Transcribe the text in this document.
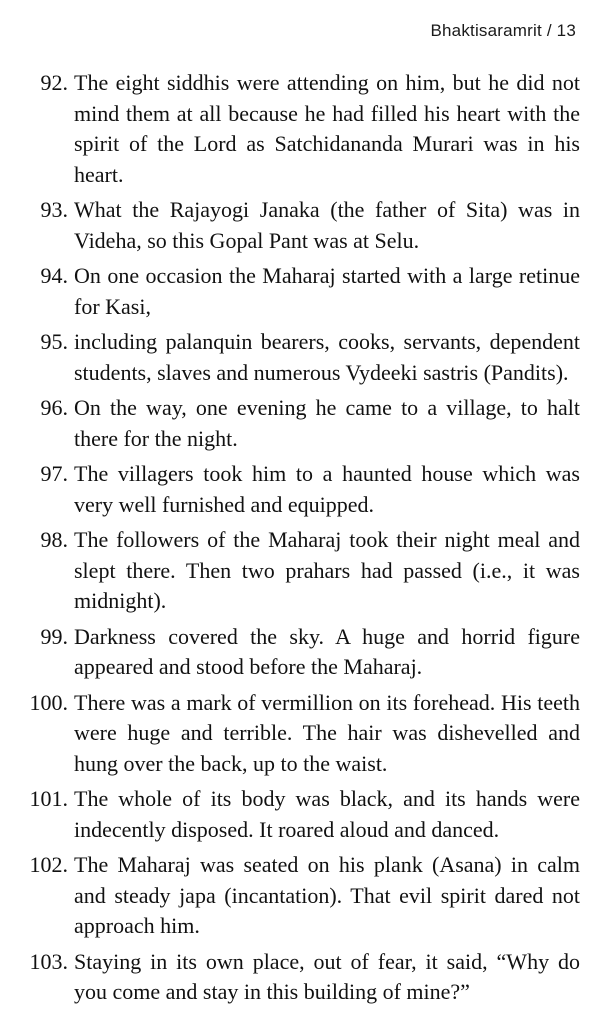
Bhaktisaramrit / 13
92. The eight siddhis were attending on him, but he did not mind them at all because he had filled his heart with the spirit of the Lord as Satchidananda Murari was in his heart.
93. What the Rajayogi Janaka (the father of Sita) was in Videha, so this Gopal Pant was at Selu.
94. On one occasion the Maharaj started with a large retinue for Kasi,
95. including palanquin bearers, cooks, servants, dependent students, slaves and numerous Vydeeki sastris (Pandits).
96. On the way, one evening he came to a village, to halt there for the night.
97. The villagers took him to a haunted house which was very well furnished and equipped.
98. The followers of the Maharaj took their night meal and slept there. Then two prahars had passed (i.e., it was midnight).
99. Darkness covered the sky. A huge and horrid figure appeared and stood before the Maharaj.
100. There was a mark of vermillion on its forehead. His teeth were huge and terrible. The hair was dishevelled and hung over the back, up to the waist.
101. The whole of its body was black, and its hands were indecently disposed. It roared aloud and danced.
102. The Maharaj was seated on his plank (Asana) in calm and steady japa (incantation). That evil spirit dared not approach him.
103. Staying in its own place, out of fear, it said, “Why do you come and stay in this building of mine?”
